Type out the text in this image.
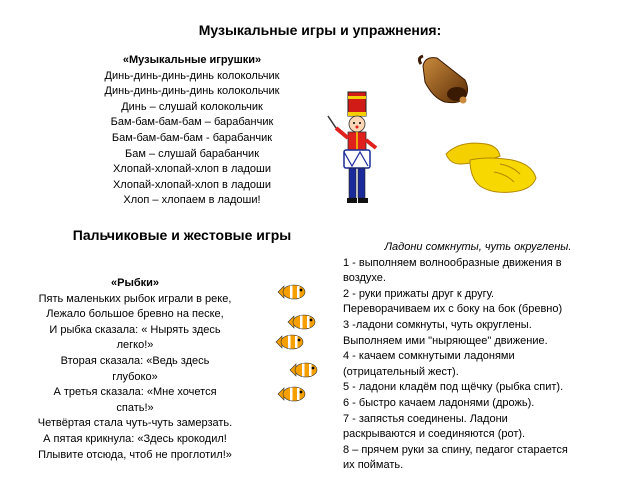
Музыкальные игры и упражнения:
«Музыкальные игрушки»
Динь-динь-динь-динь колокольчик
Динь-динь-динь-динь колокольчик
Динь – слушай колокольчик
Бам-бам-бам-бам – барабанчик
Бам-бам-бам-бам - барабанчик
Бам – слушай барабанчик
Хлопай-хлопай-хлоп в ладоши
Хлопай-хлопай-хлоп в ладоши
Хлоп – хлопаем в ладоши!
Пальчиковые и жестовые игры
«Рыбки»
Пять маленьких рыбок играли в реке,
Лежало большое бревно на песке,
И рыбка сказала: « Нырять здесь
легко!»
Вторая сказала: «Ведь здесь
глубоко»
А третья сказала: «Мне хочется
спать!»
Четвёртая стала чуть-чуть замерзать.
А пятая крикнула: «Здесь крокодил!
Плывите отсюда, чтоб не проглотил!»
Ладони сомкнуты, чуть округлены.
1 - выполняем волнообразные движения в
воздухе.
2 - руки прижаты друг к другу.
Переворачиваем их с боку на бок (бревно)
3 -ладони сомкнуты, чуть округлены.
Выполняем ими "ныряющее" движение.
4 - качаем сомкнутыми ладонями
(отрицательный жест).
5 - ладони кладём под щёчку (рыбка спит).
6 - быстро качаем ладонями (дрожь).
7 - запястья соединены. Ладони
раскрываются и соединяются (рот).
8 – прячем руки за спину, педагог старается
их поймать.
